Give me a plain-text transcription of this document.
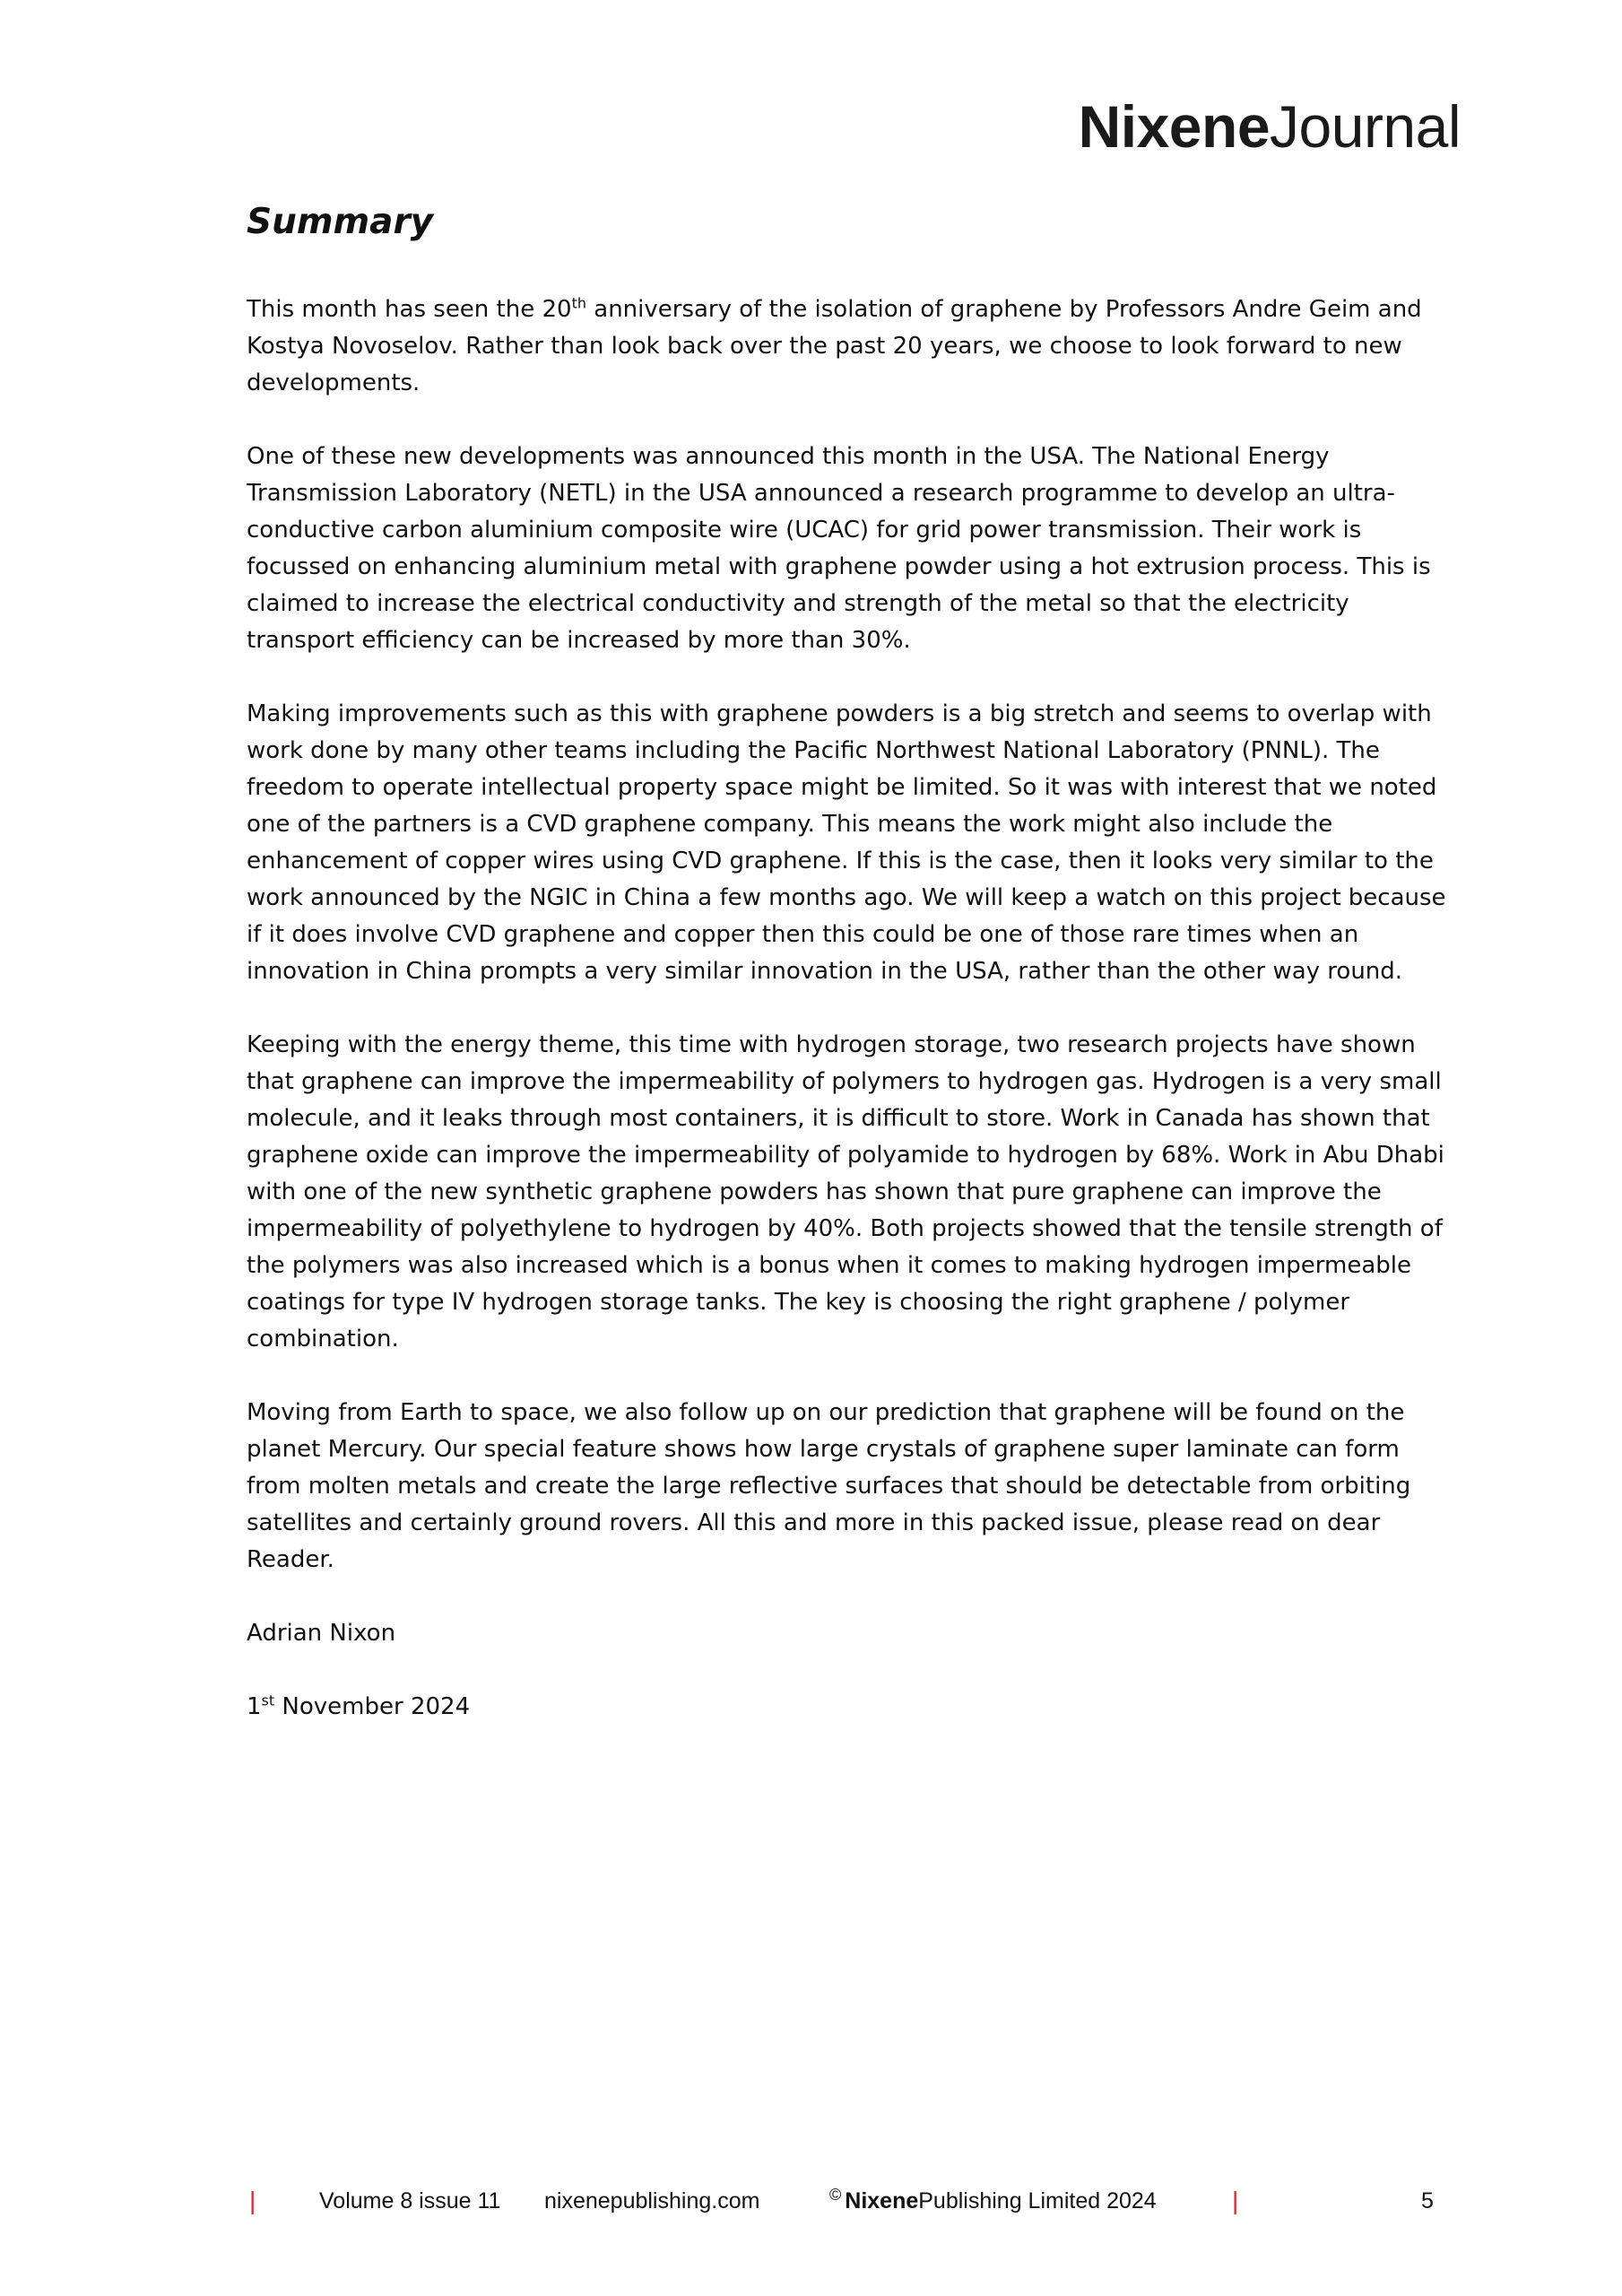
NixeneJournal
Summary

This month has seen the 20th anniversary of the isolation of graphene by Professors Andre Geim and Kostya Novoselov. Rather than look back over the past 20 years, we choose to look forward to new developments.

One of these new developments was announced this month in the USA. The National Energy Transmission Laboratory (NETL) in the USA announced a research programme to develop an ultra-conductive carbon aluminium composite wire (UCAC) for grid power transmission. Their work is focussed on enhancing aluminium metal with graphene powder using a hot extrusion process. This is claimed to increase the electrical conductivity and strength of the metal so that the electricity transport efficiency can be increased by more than 30%.

Making improvements such as this with graphene powders is a big stretch and seems to overlap with work done by many other teams including the Pacific Northwest National Laboratory (PNNL). The freedom to operate intellectual property space might be limited. So it was with interest that we noted one of the partners is a CVD graphene company. This means the work might also include the enhancement of copper wires using CVD graphene. If this is the case, then it looks very similar to the work announced by the NGIC in China a few months ago. We will keep a watch on this project because if it does involve CVD graphene and copper then this could be one of those rare times when an innovation in China prompts a very similar innovation in the USA, rather than the other way round.

Keeping with the energy theme, this time with hydrogen storage, two research projects have shown that graphene can improve the impermeability of polymers to hydrogen gas. Hydrogen is a very small molecule, and it leaks through most containers, it is difficult to store. Work in Canada has shown that graphene oxide can improve the impermeability of polyamide to hydrogen by 68%. Work in Abu Dhabi with one of the new synthetic graphene powders has shown that pure graphene can improve the impermeability of polyethylene to hydrogen by 40%. Both projects showed that the tensile strength of the polymers was also increased which is a bonus when it comes to making hydrogen impermeable coatings for type IV hydrogen storage tanks. The key is choosing the right graphene / polymer combination.

Moving from Earth to space, we also follow up on our prediction that graphene will be found on the planet Mercury. Our special feature shows how large crystals of graphene super laminate can form from molten metals and create the large reflective surfaces that should be detectable from orbiting satellites and certainly ground rovers. All this and more in this packed issue, please read on dear Reader.

Adrian Nixon

1st November 2024

|	Volume 8 issue 11 nixenepublishing.com	© NixenePublishing Limited 2024	|	5
